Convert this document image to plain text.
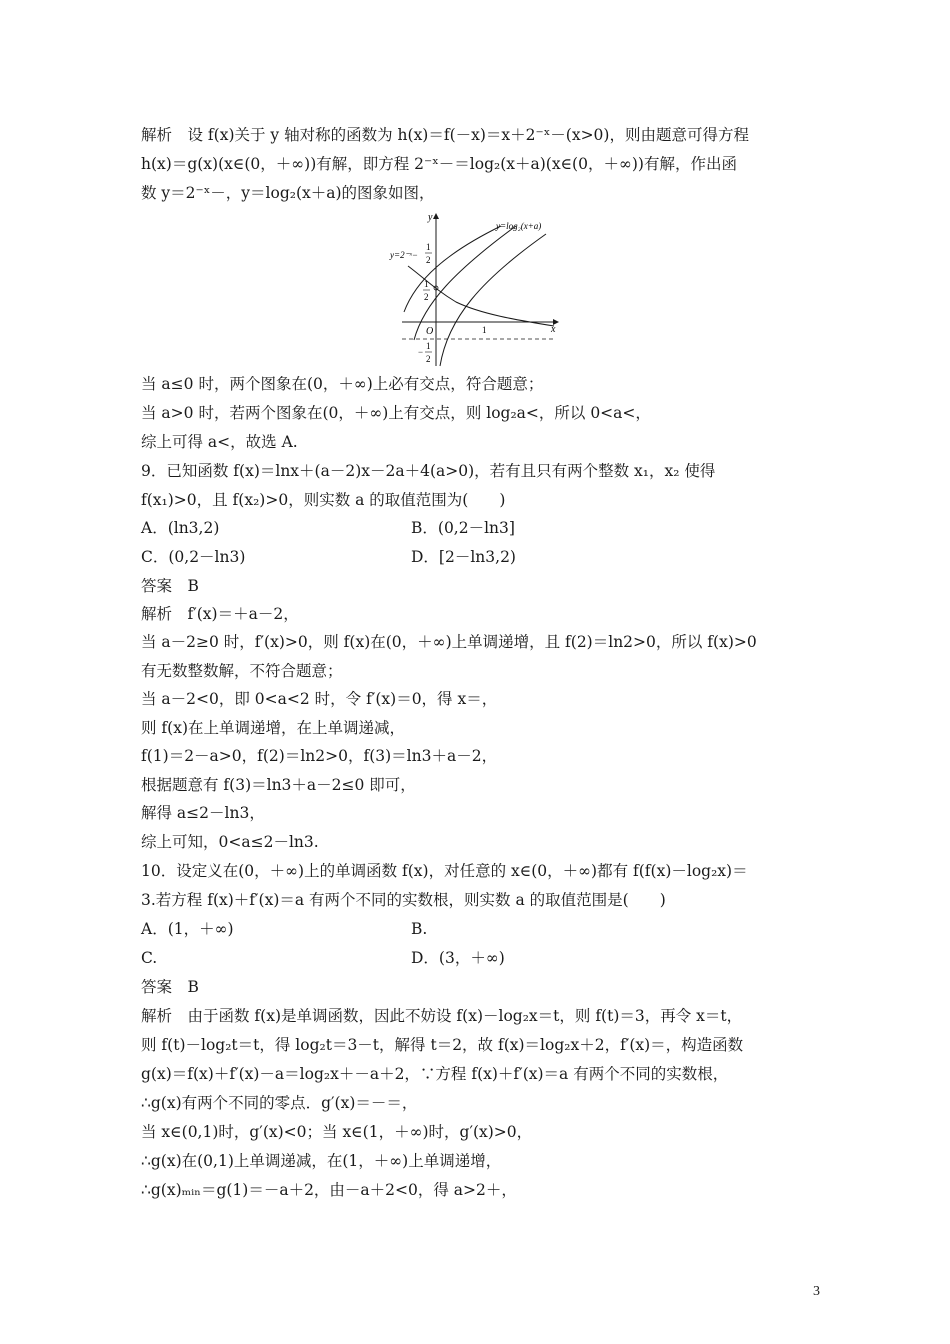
解析　设 f(x)关于 y 轴对称的函数为 h(x)＝f(－x)＝x＋2⁻ˣ－(x>0)，则由题意可得方程
h(x)＝g(x)(x∈(0，＋∞))有解，即方程 2⁻ˣ－＝log₂(x＋a)(x∈(0，＋∞))有解，作出函
数 y＝2⁻ˣ－，y＝log₂(x＋a)的图象如图，
y=log₂(x+a)
y=2⁻ˣ−
1
2
1
2
−
1
2
x
y
O	1
当 a≤0 时，两个图象在(0，＋∞)上必有交点，符合题意；
当 a>0 时，若两个图象在(0，＋∞)上有交点，则 log₂a<，所以 0<a<，
综上可得 a<，故选 A.
9．已知函数 f(x)＝lnx＋(a－2)x－2a＋4(a>0)，若有且只有两个整数 x₁，x₂ 使得
f(x₁)>0，且 f(x₂)>0，则实数 a 的取值范围为(　　)
A．(ln3,2)	B．(0,2－ln3]
C．(0,2－ln3)	D．[2－ln3,2)
答案　B
解析　f′(x)＝＋a－2，
当 a－2≥0 时，f′(x)>0，则 f(x)在(0，＋∞)上单调递增，且 f(2)＝ln2>0，所以 f(x)>0
有无数整数解，不符合题意；
当 a－2<0，即 0<a<2 时，令 f′(x)＝0，得 x＝，
则 f(x)在上单调递增，在上单调递减，
f(1)＝2－a>0，f(2)＝ln2>0，f(3)＝ln3＋a－2，
根据题意有 f(3)＝ln3＋a－2≤0 即可，
解得 a≤2－ln3，
综上可知，0<a≤2－ln3.
10．设定义在(0，＋∞)上的单调函数 f(x)，对任意的 x∈(0，＋∞)都有 f(f(x)－log₂x)＝
3.若方程 f(x)＋f′(x)＝a 有两个不同的实数根，则实数 a 的取值范围是(　　)
A．(1，＋∞)	B.
C.	D．(3，＋∞)
答案　B
解析　由于函数 f(x)是单调函数，因此不妨设 f(x)－log₂x＝t，则 f(t)＝3，再令 x＝t，
则 f(t)－log₂t＝t，得 log₂t＝3－t，解得 t＝2，故 f(x)＝log₂x＋2，f′(x)＝，构造函数
g(x)＝f(x)＋f′(x)－a＝log₂x＋－a＋2，∵方程 f(x)＋f′(x)＝a 有两个不同的实数根，
∴g(x)有两个不同的零点．g′(x)＝－＝，
当 x∈(0,1)时，g′(x)<0；当 x∈(1，＋∞)时，g′(x)>0，
∴g(x)在(0,1)上单调递减，在(1，＋∞)上单调递增，
∴g(x)ₘᵢₙ＝g(1)＝－a＋2，由－a＋2<0，得 a>2＋，
3
